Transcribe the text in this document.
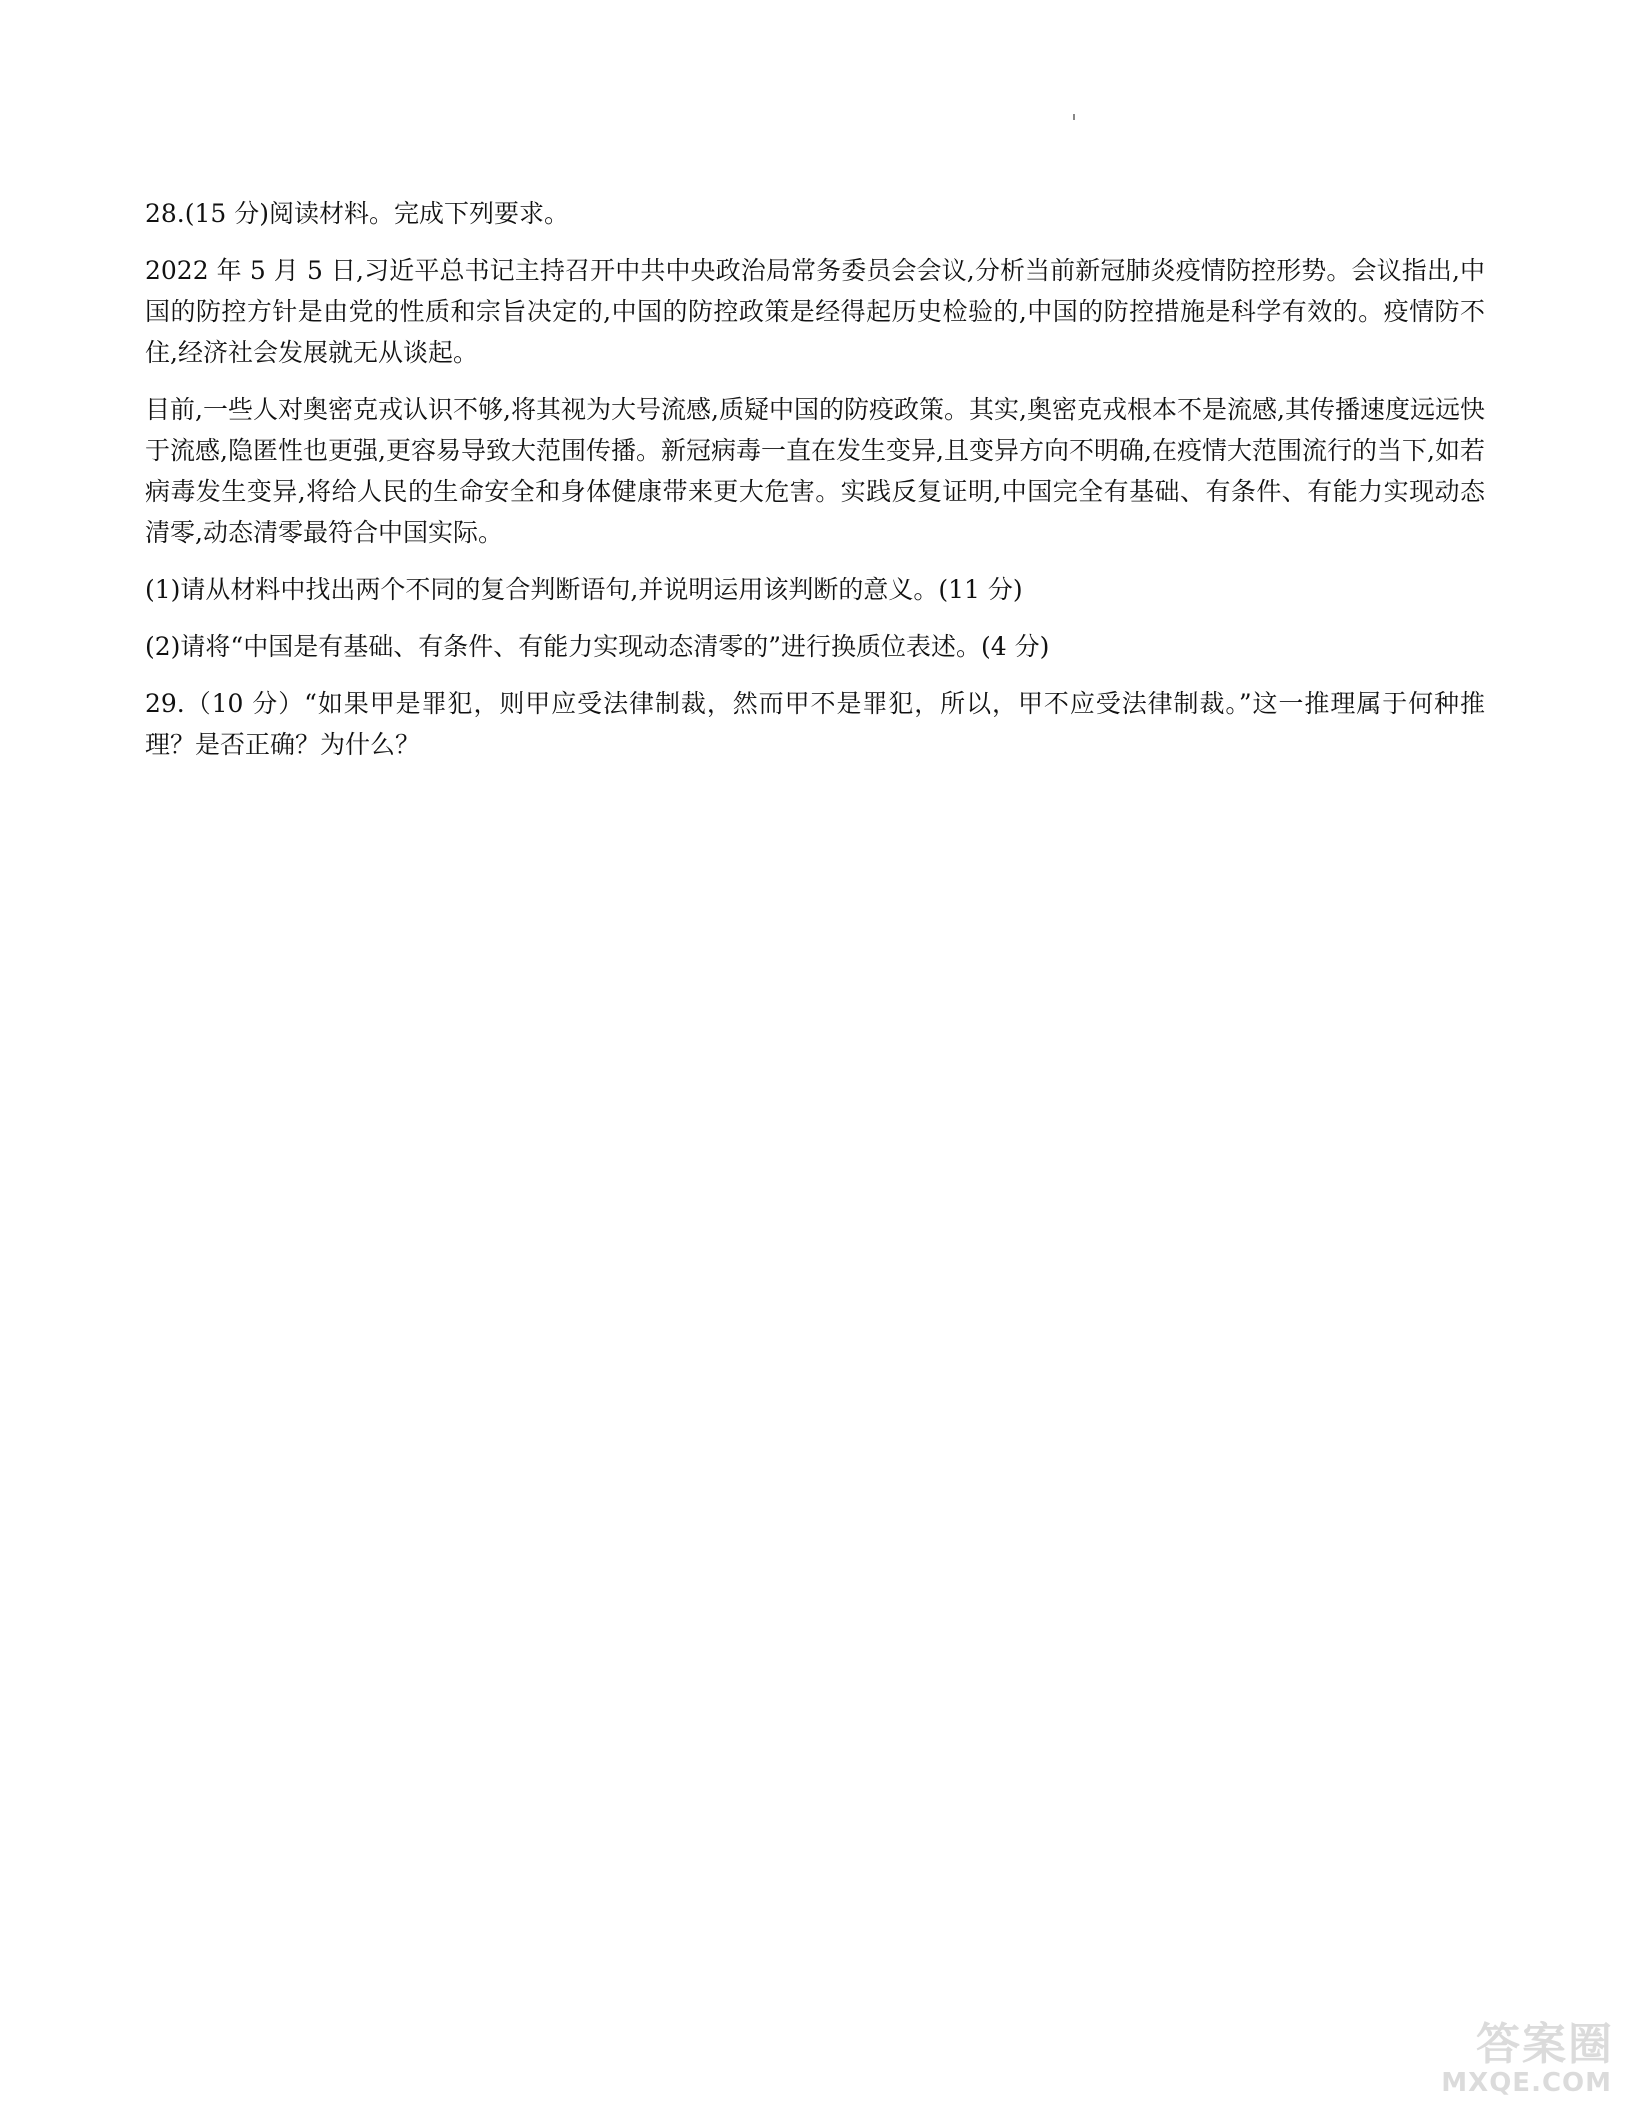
28.(15 分)阅读材料。完成下列要求。

2022 年 5 月 5 日,习近平总书记主持召开中共中央政治局常务委员会会议,分析当前新冠肺炎疫情防控形势。会议指出,中国的防控方针是由党的性质和宗旨决定的,中国的防控政策是经得起历史检验的,中国的防控措施是科学有效的。疫情防不住,经济社会发展就无从谈起。

目前,一些人对奥密克戎认识不够,将其视为大号流感,质疑中国的防疫政策。其实,奥密克戎根本不是流感,其传播速度远远快于流感,隐匿性也更强,更容易导致大范围传播。新冠病毒一直在发生变异,且变异方向不明确,在疫情大范围流行的当下,如若病毒发生变异,将给人民的生命安全和身体健康带来更大危害。实践反复证明,中国完全有基础、有条件、有能力实现动态清零,动态清零最符合中国实际。

(1)请从材料中找出两个不同的复合判断语句,并说明运用该判断的意义。(11 分)

(2)请将“中国是有基础、有条件、有能力实现动态清零的”进行换质位表述。(4 分)

29.（10 分）“如果甲是罪犯，则甲应受法律制裁，然而甲不是罪犯，所以，甲不应受法律制裁。”这一推理属于何种推理？是否正确？为什么？

答案圈
MXQE.COM
